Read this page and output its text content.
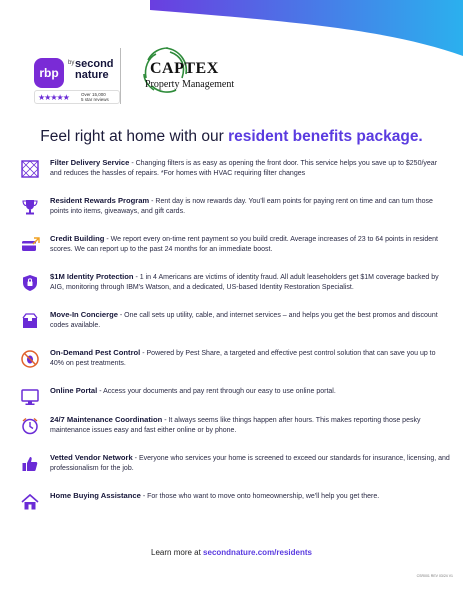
PASS
rbp
by second nature
★★★★★	Over 15,000
5 star reviews
CAPTEX
Property Management
Feel right at home with our resident benefits package.

Filter Delivery Service - Changing filters is as easy as opening the front door. This service helps you save up to $250/year and reduces the hassles of repairs. *For homes with HVAC requiring filter changes

Resident Rewards Program - Rent day is now rewards day. You'll earn points for paying rent on time and can turn those points into items, giveaways, and gift cards.

Credit Building - We report every on-time rent payment so you build credit. Average increases of 23 to 64 points in resident scores. We can report up to the past 24 months for an immediate boost.

$1M Identity Protection - 1 in 4 Americans are victims of identity fraud. All adult leaseholders get $1M coverage backed by AIG, monitoring through IBM's Watson, and a dedicated, US-based Identity Restoration Specialist.

Move-In Concierge - One call sets up utility, cable, and internet services – and helps you get the best promos and discount codes available.

On-Demand Pest Control - Powered by Pest Share, a targeted and effective pest control solution that can save you up to 40% on pest treatments.

Online Portal - Access your documents and pay rent through our easy to use online portal.

24/7 Maintenance Coordination - It always seems like things happen after hours. This makes reporting those pesky maintenance issues easy and fast either online or by phone.

Vetted Vendor Network - Everyone who services your home is screened to exceed our standards for insurance, licensing, and professionalism for the job.

Home Buying Assistance - For those who want to move onto homeownership, we'll help you get there.

Learn more at secondnature.com/residents
CSR001 REV 03/24 V1
